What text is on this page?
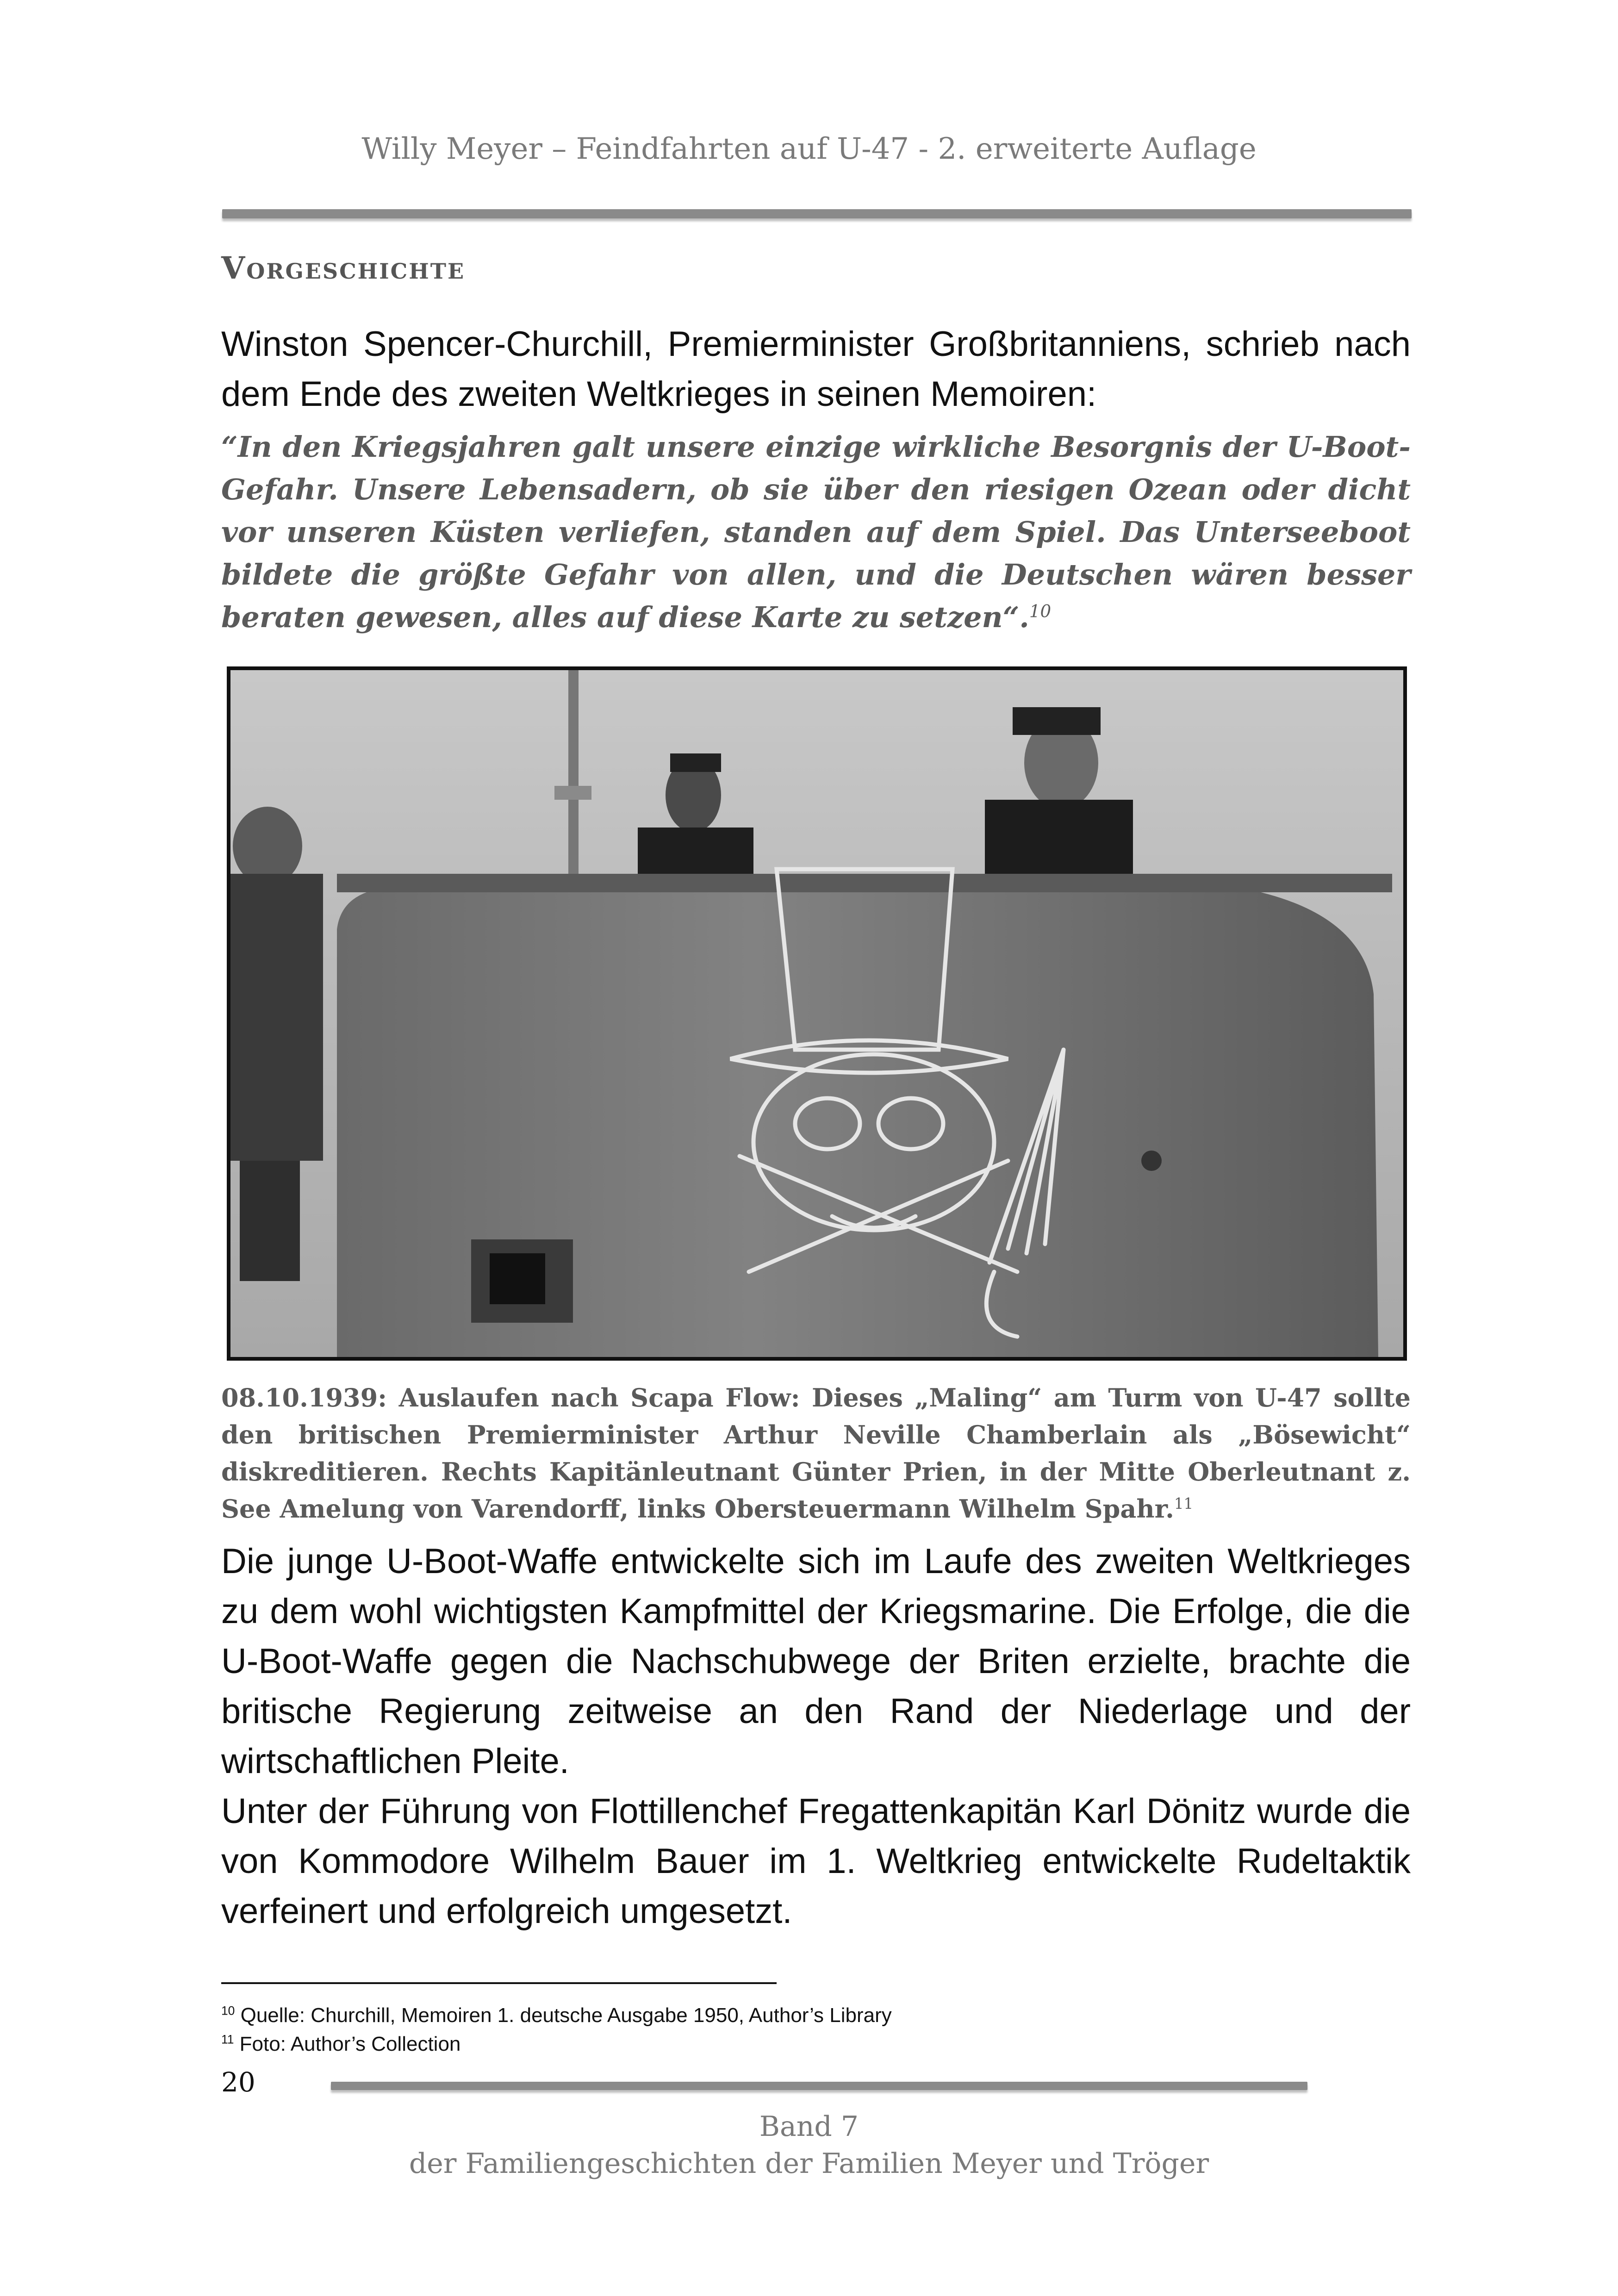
Willy Meyer – Feindfahrten auf U-47 - 2. erweiterte Auflage
Vorgeschichte
Winston Spencer-Churchill, Premierminister Großbritanniens, schrieb nach dem Ende des zweiten Weltkrieges in seinen Memoiren:
“In den Kriegsjahren galt unsere einzige wirkliche Besorgnis der U-Boot-Gefahr. Unsere Lebensadern, ob sie über den riesigen Ozean oder dicht vor unseren Küsten verliefen, standen auf dem Spiel. Das Unterseeboot bildete die größte Gefahr von allen, und die Deutschen wären besser beraten gewesen, alles auf diese Karte zu setzen“.$^{10}$
08.10.1939: Auslaufen nach Scapa Flow: Dieses „Maling“ am Turm von U-47 sollte den britischen Premierminister Arthur Neville Chamberlain als „Bösewicht“ diskreditieren. Rechts Kapitänleutnant Günter Prien, in der Mitte Oberleutnant z. See Amelung von Varendorff, links Obersteuermann Wilhelm Spahr.$^{11}$
Die junge U-Boot-Waffe entwickelte sich im Laufe des zweiten Weltkrieges zu dem wohl wichtigsten Kampfmittel der Kriegsmarine. Die Erfolge, die die U-Boot-Waffe gegen die Nachschubwege der Briten erzielte, brachte die britische Regierung zeitweise an den Rand der Niederlage und der wirtschaftlichen Pleite.
Unter der Führung von Flottillenchef Fregattenkapitän Karl Dönitz wurde die von Kommodore Wilhelm Bauer im 1. Weltkrieg entwickelte Rudeltaktik verfeinert und erfolgreich umgesetzt.
$^{10}$ Quelle: Churchill, Memoiren 1. deutsche Ausgabe 1950, Author’s Library
$^{11}$ Foto: Author’s Collection
20
Band 7
der Familiengeschichten der Familien Meyer und Tröger
